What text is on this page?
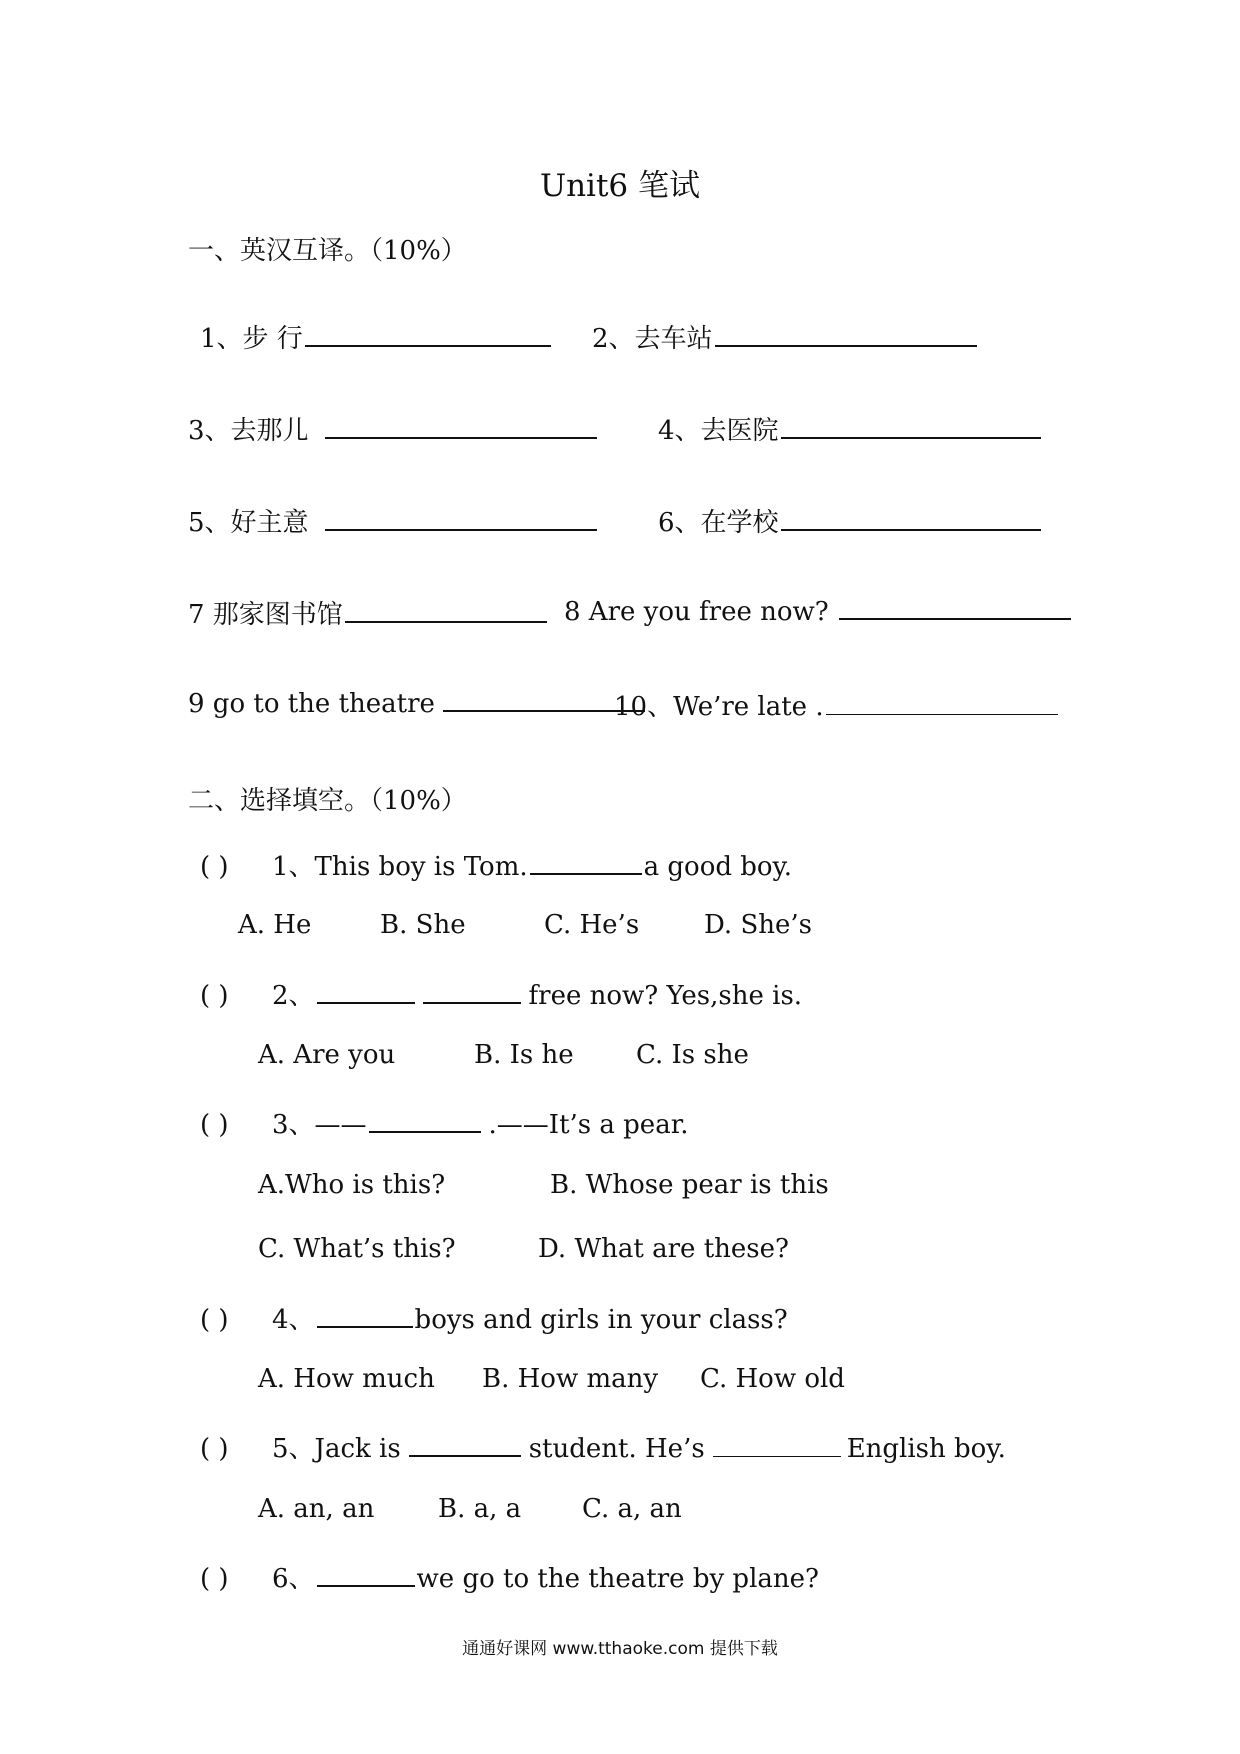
Unit6 笔试
一、英汉互译。（10%）
1、步 行	2、去车站
3、去那儿	4、去医院
5、好主意	6、在学校
7 那家图书馆	8 Are you free now?
9 go to the theatre	10、We’re late .
二、选择填空。（10%）
( ) 1、This boy is Tom.	a good boy.
A. He	B. She	C. He’s D. She’s
( ) 2、	free now? Yes,she is.
A. Are you	B. Is he C. Is she
( ) 3、——	.——It’s a pear.
A.Who is this?	B. Whose pear is this
C. What’s this?	D. What are these?
( ) 4、	boys and girls in your class?
A. How much B. How many C. How old
( ) 5、Jack is	student. He’s	English boy.
A. an, an B. a, a C. a, an
( ) 6、	we go to the theatre by plane?
通通好课网 www.tthaoke.com 提供下载
